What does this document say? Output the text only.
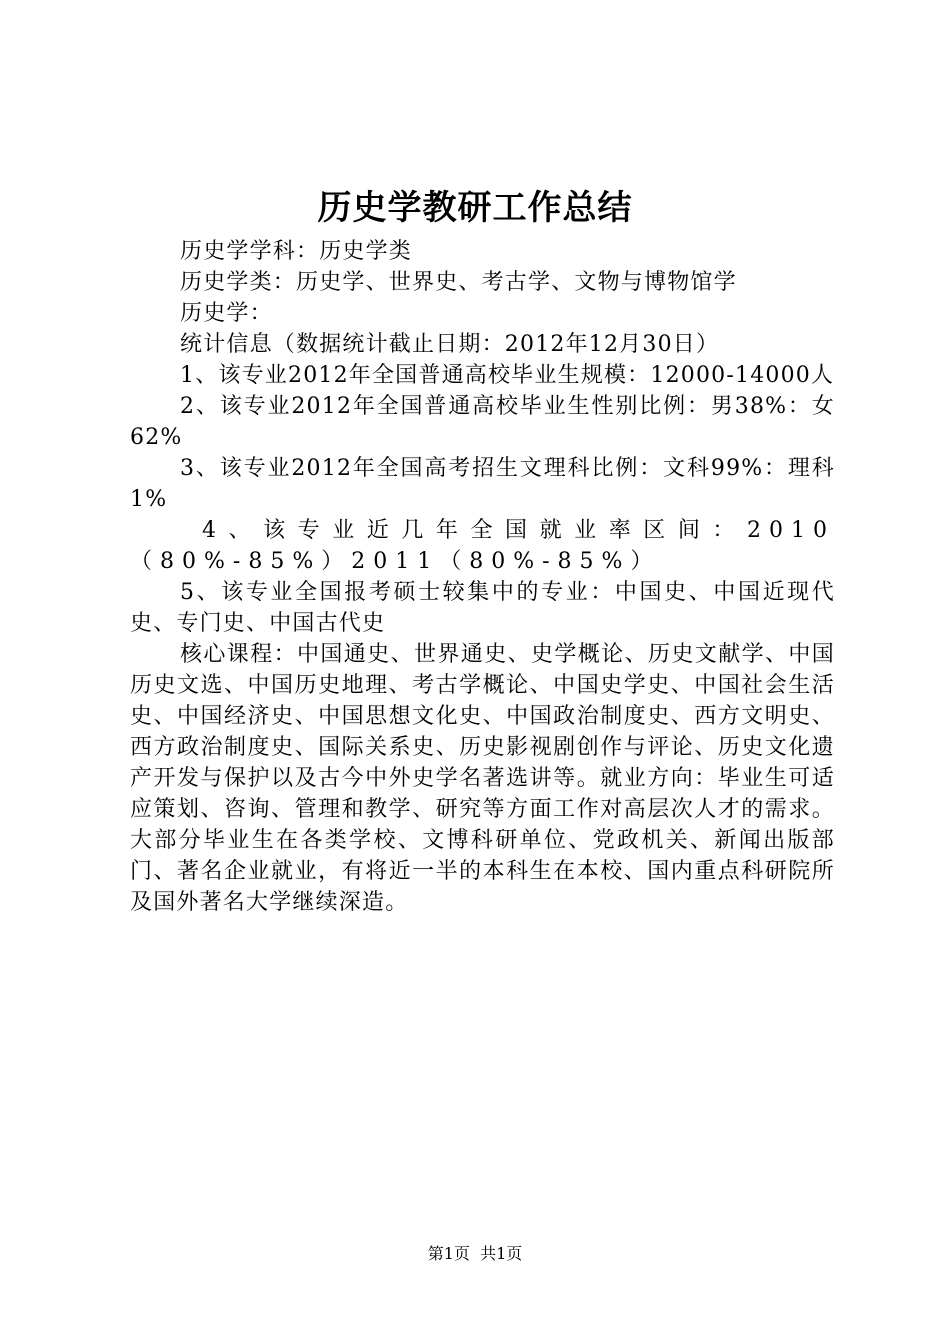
历史学教研工作总结

历史学学科：历史学类

历史学类：历史学、世界史、考古学、文物与博物馆学

历史学：

统计信息（数据统计截止日期：2012年12月30日）

1、该专业2012年全国普通高校毕业生规模：12000-14000人

2、该专业2012年全国普通高校毕业生性别比例：男38%：女62%

3、该专业2012年全国高考招生文理科比例：文科99%：理科1%

4、该专业近几年全国就业率区间：2010（80%-85%）2011（80%-85%）

5、该专业全国报考硕士较集中的专业：中国史、中国近现代史、专门史、中国古代史

核心课程：中国通史、世界通史、史学概论、历史文献学、中国历史文选、中国历史地理、考古学概论、中国史学史、中国社会生活史、中国经济史、中国思想文化史、中国政治制度史、西方文明史、西方政治制度史、国际关系史、历史影视剧创作与评论、历史文化遗产开发与保护以及古今中外史学名著选讲等。就业方向：毕业生可适应策划、咨询、管理和教学、研究等方面工作对高层次人才的需求。大部分毕业生在各类学校、文博科研单位、党政机关、新闻出版部门、著名企业就业，有将近一半的本科生在本校、国内重点科研院所及国外著名大学继续深造。

第1页  共1页
